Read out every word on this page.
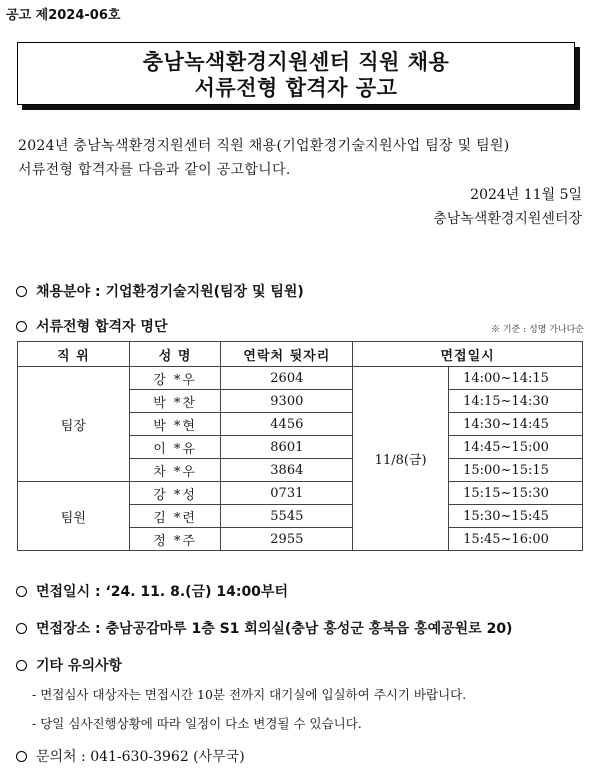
공고 제2024-06호
충남녹색환경지원센터 직원 채용
서류전형 합격자 공고
2024년 충남녹색환경지원센터 직원 채용(기업환경기술지원사업 팀장 및 팀원)
서류전형 합격자를 다음과 같이 공고합니다.
2024년 11월 5일
충남녹색환경지원센터장
채용분야 : 기업환경기술지원(팀장 및 팀원)
서류전형 합격자 명단	※ 기준 : 성명 가나다순
직 위	성 명	연락처 뒷자리	면접일시	
팀장	강 *우	2604	11/8(금)	14:00~14:15
	박 *찬	9300		14:15~14:30
	박 *현	4456		14:30~14:45
	이 *유	8601		14:45~15:00
	차 *우	3864		15:00~15:15
팀원	강 *성	0731		15:15~15:30
	김 *련	5545		15:30~15:45
	정 *주	2955		15:45~16:00
면접일시 : ‘24. 11. 8.(금) 14:00부터
면접장소 : 충남공감마루 1층 S1 회의실(충남 홍성군 홍북읍 홍예공원로 20)
기타 유의사항
- 면접심사 대상자는 면접시간 10분 전까지 대기실에 입실하여 주시기 바랍니다.
- 당일 심사진행상황에 따라 일정이 다소 변경될 수 있습니다.
문의처 : 041-630-3962 (사무국)
